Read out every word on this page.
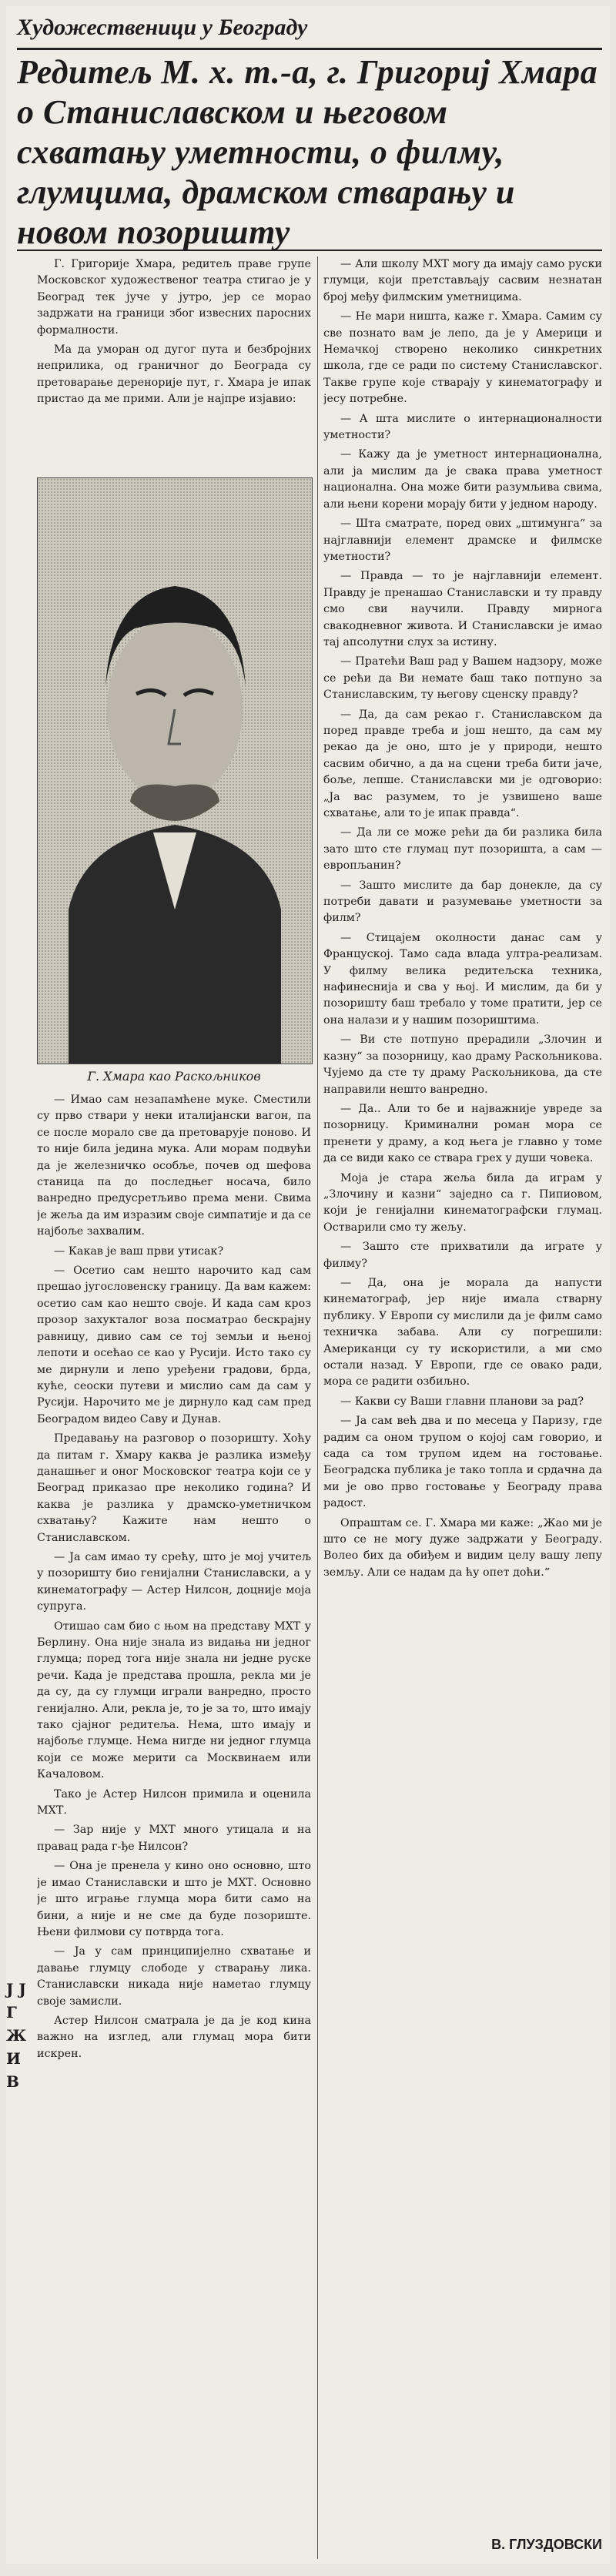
Художественици у Београду
Редитељ М. х. т.-а, г. Григориј Хмара о Станиславском и његовом схватању уметности, о филму, глумцима, драмском стварању и новом позоришту

Г. Григорије Хмара, редитељ праве групе Московског художественог театра стигао је у Београд тек јуче у јутро, јер се морао задржати на граници због извесних паросних формалности.

Ма да уморан од дугог пута и безбројних неприлика, од граничног до Београда су претоварање деренорије пут, г. Хмара је ипак пристао да ме прими. Али је најпре изјавио:

Г. Хмара као Раскољников

— Имао сам незапамћене муке. Сместили су прво ствари у неки италијански вагон, па се после морало све да претоварује поново. И то није била једина мука. Али морам подвући да је железничко особље, почев од шефова станица па до последњег носача, било ванредно предусретљиво према мени. Свима је жеља да им изразим своје симпатије и да се најбоље захвалим.

— Какав је ваш први утисак?

— Осетио сам нешто нарочито кад сам прешао југословенску границу. Да вам кажем: осетио сам као нешто своје. И када сам кроз прозор захукталог воза посматрао бескрајну равницу, дивио сам се тој земљи и њеној лепоти и осећао се као у Русији. Исто тако су ме дирнули и лепо уређени градови, брда, куће, сеоски путеви и мислио сам да сам у Русији. Нарочито ме је дирнуло кад сам пред Београдом видео Саву и Дунав.

Предавању на разговор о позоришту. Хоћу да питам г. Хмару каква је разлика између данашњег и оног Московског театра који се у Београд приказао пре неколико година? И каква је разлика у драмско-уметничком схватању? Кажите нам нешто о Станиславском.

— Ја сам имао ту срећу, што је мој учитељ у позоришту био генијални Станиславски, а у кинематографу — Астер Нилсон, доцније моја супруга.

Отишао сам био с њом на представу МХТ у Берлину. Она није знала из видања ни једног глумца; поред тога није знала ни једне руске речи. Када је представа прошла, рекла ми је да су, да су глумци играли ванредно, просто генијално. Али, рекла је, то је за то, што имају тако сјајног редитеља. Нема, што имају и најбоље глумце. Нема нигде ни једног глумца који се може мерити са Москвинаем или Качаловом.

Тако је Астер Нилсон примила и оценила МХТ.

— Зар није у МХТ много утицала и на правац рада г-ђе Нилсон?

— Она је пренела у кино оно основно, што је имао Станиславски и што је МХТ. Основно је што играње глумца мора бити само на бини, а није и не сме да буде позориште. Њени филмови су потврда тога.

— Ја у сам принципијелно схватање и давање глумцу слободе у стварању лика. Станиславски никада није наметао глумцу своје замисли.

Астер Нилсон сматрала је да је код кина важно на изглед, али глумац мора бити искрен.

— Али школу МХТ могу да имају само руски глумци, који претстављају сасвим незнатан број међу филмским уметницима.

— Не мари ништа, каже г. Хмара. Самим су све познато вам је лепо, да је у Америци и Немачкој створено неколико синкретних школа, где се ради по систему Станиславског. Такве групе које стварају у кинематографу и јесу потребне.

— А шта мислите о интернационалности уметности?

— Кажу да је уметност интернационална, али ја мислим да је свака права уметност национална. Она може бити разумљива свима, али њени корени морају бити у једном народу.

— Шта сматрате, поред ових „штимунга“ за најглавнији елемент драмске и филмске уметности?

— Правда — то је најглавнији елемент. Правду је пренашао Станиславски и ту правду смо сви научили. Правду мирнога свакодневног живота. И Станиславски је имао тај апсолутни слух за истину.

— Пратећи Ваш рад у Вашем надзору, може се рећи да Ви немате баш тако потпуно за Станиславским, ту његову сценску правду?

— Да, да сам рекао г. Станиславском да поред правде треба и још нешто, да сам му рекао да је оно, што је у природи, нешто сасвим обично, а да на сцени треба бити јаче, боље, лепше. Станиславски ми је одговорио: „Ја вас разумем, то је узвишено ваше схватање, али то је ипак правда“.

— Да ли се може рећи да би разлика била зато што сте глумац пут позоришта, а сам — европљанин?

— Зашто мислите да бар донекле, да су потреби давати и разумевање уметности за филм?

— Стицајем околности данас сам у Француској. Тамо сада влада ултра-реализам. У филму велика редитељска техника, нафинеснија и сва у њој. И мислим, да би у позоришту баш требало у томе пратити, јер се она налази и у нашим позориштима.

— Ви сте потпуно прерадили „Злочин и казну“ за позорницу, као драму Раскољникова. Чујемо да сте ту драму Раскољникова, да сте направили нешто ванредно.

— Да.. Али то бе и најважније увреде за позорницу. Криминални роман мора се пренети у драму, а код њега је главно у томе да се види како се ствара грех у души човека.

Моја је стара жеља била да играм у „Злочину и казни“ заједно са г. Пипиовом, који је генијални кинематографски глумац. Остварили смо ту жељу.

— Зашто сте прихватили да играте у филму?

— Да, она је морала да напусти кинематограф, јер није имала стварну публику. У Европи су мислили да је филм само техничка забава. Али су погрешили: Американци су ту искористили, а ми смо остали назад. У Европи, где се овако ради, мора се радити озбиљно.

— Какви су Ваши главни планови за рад?

— Ја сам већ два и по месеца у Паризу, где радим са оном трупом о којој сам говорио, и сада са том трупом идем на гостовање. Београдска публика је тако топла и срдачна да ми је ово прво гостовање у Београду права радост.

Опраштам се. Г. Хмара ми каже: „Жао ми је што се не могу дуже задржати у Београду. Волео бих да обиђем и видим целу вашу лепу земљу. Али се надам да ћу опет доћи.“

Ј Ј Г Ж И В
В. ГЛУЗДОВСКИ
